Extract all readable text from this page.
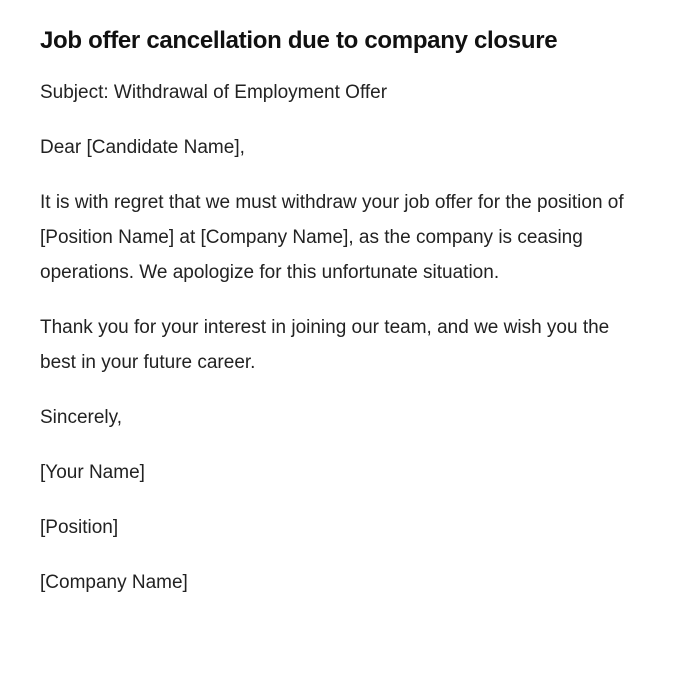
Job offer cancellation due to company closure

Subject: Withdrawal of Employment Offer

Dear [Candidate Name],

It is with regret that we must withdraw your job offer for the position of [Position Name] at [Company Name], as the company is ceasing operations. We apologize for this unfortunate situation.

Thank you for your interest in joining our team, and we wish you the best in your future career.

Sincerely,

[Your Name]

[Position]

[Company Name]
